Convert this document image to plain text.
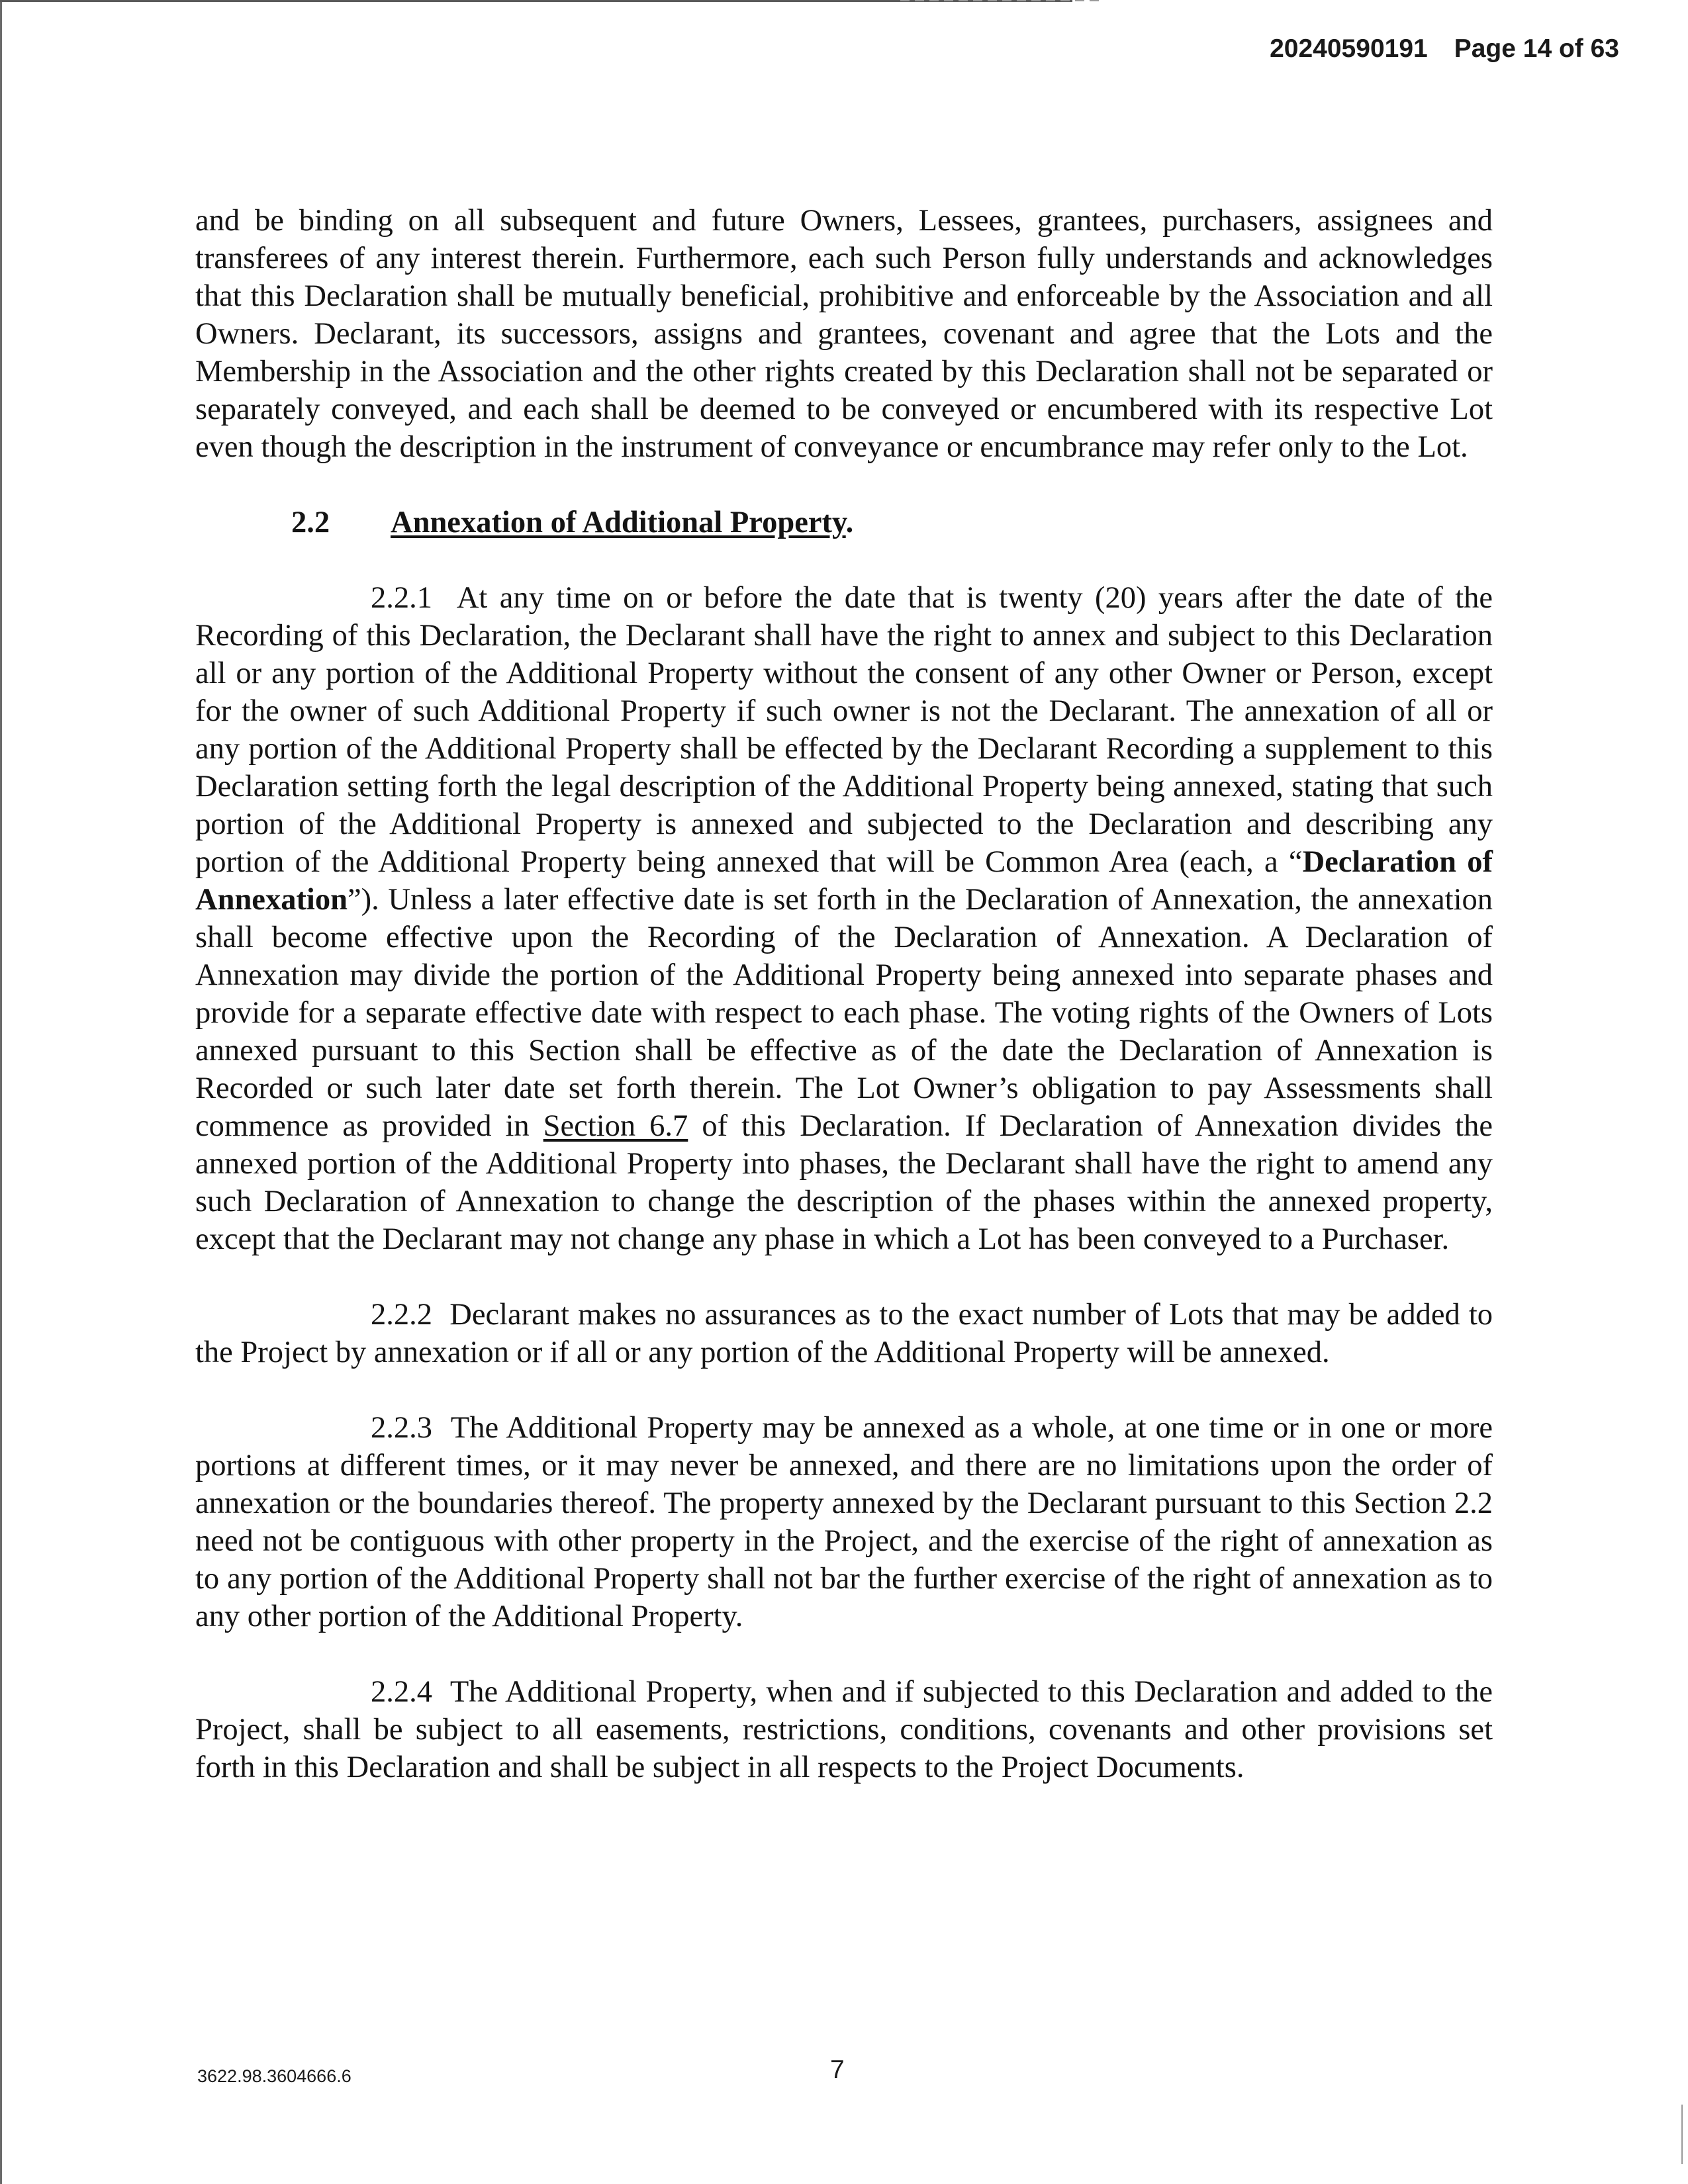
20240590191 Page 14 of 63

and be binding on all subsequent and future Owners, Lessees, grantees, purchasers, assignees and transferees of any interest therein. Furthermore, each such Person fully understands and acknowledges that this Declaration shall be mutually beneficial, prohibitive and enforceable by the Association and all Owners. Declarant, its successors, assigns and grantees, covenant and agree that the Lots and the Membership in the Association and the other rights created by this Declaration shall not be separated or separately conveyed, and each shall be deemed to be conveyed or encumbered with its respective Lot even though the description in the instrument of conveyance or encumbrance may refer only to the Lot.

2.2 Annexation of Additional Property.

2.2.1 At any time on or before the date that is twenty (20) years after the date of the Recording of this Declaration, the Declarant shall have the right to annex and subject to this Declaration all or any portion of the Additional Property without the consent of any other Owner or Person, except for the owner of such Additional Property if such owner is not the Declarant. The annexation of all or any portion of the Additional Property shall be effected by the Declarant Recording a supplement to this Declaration setting forth the legal description of the Additional Property being annexed, stating that such portion of the Additional Property is annexed and subjected to the Declaration and describing any portion of the Additional Property being annexed that will be Common Area (each, a “Declaration of Annexation”). Unless a later effective date is set forth in the Declaration of Annexation, the annexation shall become effective upon the Recording of the Declaration of Annexation. A Declaration of Annexation may divide the portion of the Additional Property being annexed into separate phases and provide for a separate effective date with respect to each phase. The voting rights of the Owners of Lots annexed pursuant to this Section shall be effective as of the date the Declaration of Annexation is Recorded or such later date set forth therein. The Lot Owner’s obligation to pay Assessments shall commence as provided in Section 6.7 of this Declaration. If Declaration of Annexation divides the annexed portion of the Additional Property into phases, the Declarant shall have the right to amend any such Declaration of Annexation to change the description of the phases within the annexed property, except that the Declarant may not change any phase in which a Lot has been conveyed to a Purchaser.

2.2.2 Declarant makes no assurances as to the exact number of Lots that may be added to the Project by annexation or if all or any portion of the Additional Property will be annexed.

2.2.3 The Additional Property may be annexed as a whole, at one time or in one or more portions at different times, or it may never be annexed, and there are no limitations upon the order of annexation or the boundaries thereof. The property annexed by the Declarant pursuant to this Section 2.2 need not be contiguous with other property in the Project, and the exercise of the right of annexation as to any portion of the Additional Property shall not bar the further exercise of the right of annexation as to any other portion of the Additional Property.

2.2.4 The Additional Property, when and if subjected to this Declaration and added to the Project, shall be subject to all easements, restrictions, conditions, covenants and other provisions set forth in this Declaration and shall be subject in all respects to the Project Documents.

3622.98.3604666.6	7
